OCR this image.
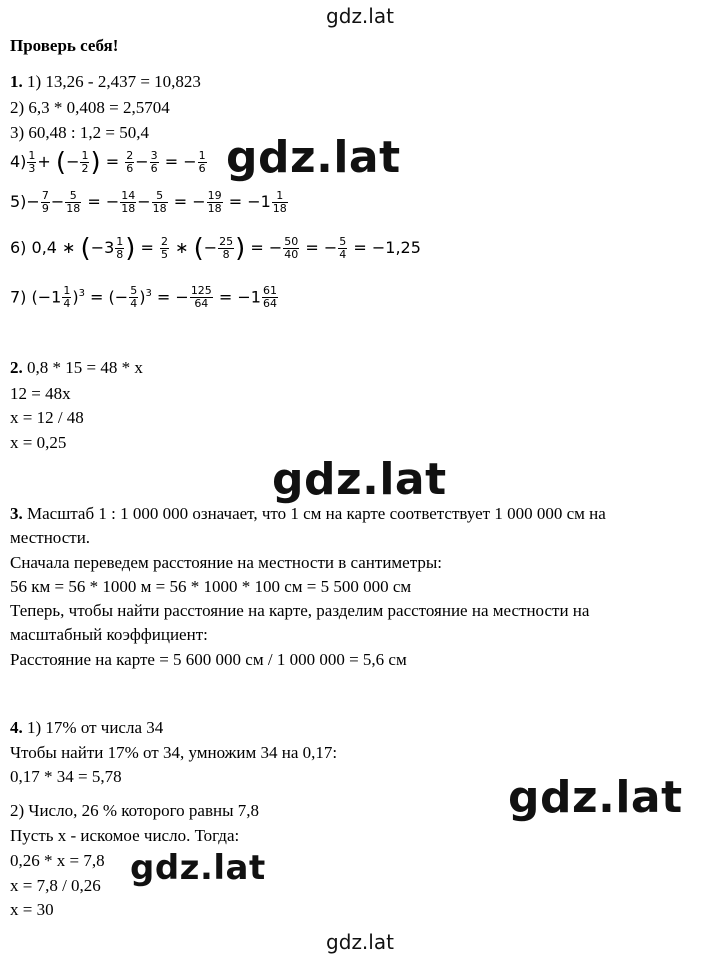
gdz.lat
gdz.lat

Проверь себя!

1. 1) 13,26 - 2,437 = 10,823

2) 6,3 * 0,408 = 2,5704

3) 60,48 : 1,2 = 50,4

$4) \frac{1}{3}$ + (− $\frac{1}{2}$ ) = $\frac{2}{6} - \frac{3}{6}$ = − $\frac{1}{6}$

$5)- \frac{7}{9} - \frac{5}{18}$ = − $\frac{14}{18} - \frac{5}{18}$ = − $\frac{19}{18} = -1 \frac{1}{18}$

6) 0,4 ∗ ($-3 \frac{1}{8}$ ) = $\frac{2}{5}$ ∗ (− $\frac{25}{8}$ ) = − $\frac{50}{40}$ = − $\frac{5}{4} = -1,25$

7) $(-1 \frac{1}{4} )^3$ = (− $\frac{5}{4} )^3$ = − $\frac{125}{64} = -1 \frac{61}{64}$

2. 0,8 * 15 = 48 * x

12 = 48x

x = 12 / 48

x = 0,25

3. Масштаб 1 : 1 000 000 означает, что 1 см на карте соответствует 1 000 000 см на

местности.

Сначала переведем расстояние на местности в сантиметры:

56 км = 56 * 1000 м = 56 * 1000 * 100 см = 5 500 000 см

Теперь, чтобы найти расстояние на карте, разделим расстояние на местности на

масштабный коэффициент:

Расстояние на карте = 5 600 000 см / 1 000 000 = 5,6 см

4. 1) 17% от числа 34

Чтобы найти 17% от 34, умножим 34 на 0,17:

0,17 * 34 = 5,78

2) Число, 26 % которого равны 7,8

Пусть x - искомое число. Тогда:

0,26 * x = 7,8

x = 7,8 / 0,26

x = 30

gdz.lat
gdz.lat
gdz.lat
gdz.lat
